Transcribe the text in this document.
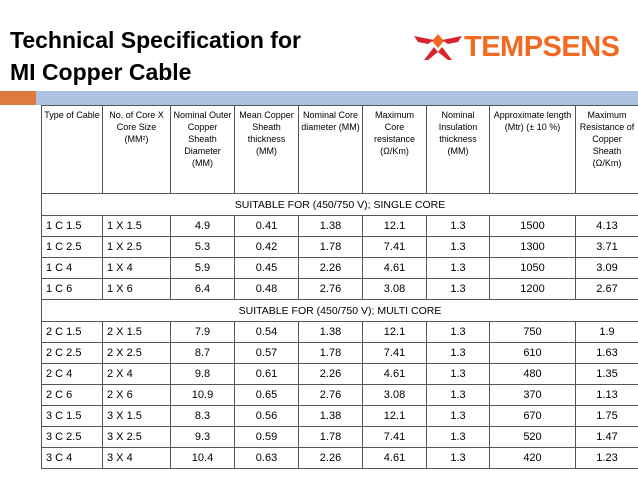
Technical Specification for
MI Copper Cable
TEMPSENS
Type of Cable	No. of Core X Core Size (MM²)	Nominal Outer Copper Sheath Diameter (MM)	Mean Copper Sheath thickness (MM)	Nominal Core diameter (MM)	Maximum Core resistance (Ω/Km)	Nominal Insulation thickness (MM)	Approximate length (Mtr) (± 10 %)	Maximum Resistance of Copper Sheath (Ω/Km)
SUITABLE FOR (450/750 V); SINGLE CORE								
1 C 1.5	1 X 1.5	4.9	0.41	1.38	12.1	1.3	1500	4.13
1 C 2.5	1 X 2.5	5.3	0.42	1.78	7.41	1.3	1300	3.71
1 C 4	1 X 4	5.9	0.45	2.26	4.61	1.3	1050	3.09
1 C 6	1 X 6	6.4	0.48	2.76	3.08	1.3	1200	2.67
SUITABLE FOR (450/750 V); MULTI CORE								
2 C 1.5	2 X 1.5	7.9	0.54	1.38	12.1	1.3	750	1.9
2 C 2.5	2 X 2.5	8.7	0.57	1.78	7.41	1.3	610	1.63
2 C 4	2 X 4	9.8	0.61	2.26	4.61	1.3	480	1.35
2 C 6	2 X 6	10.9	0.65	2.76	3.08	1.3	370	1.13
3 C 1.5	3 X 1.5	8.3	0.56	1.38	12.1	1.3	670	1.75
3 C 2.5	3 X 2.5	9.3	0.59	1.78	7.41	1.3	520	1.47
3 C 4	3 X 4	10.4	0.63	2.26	4.61	1.3	420	1.23
